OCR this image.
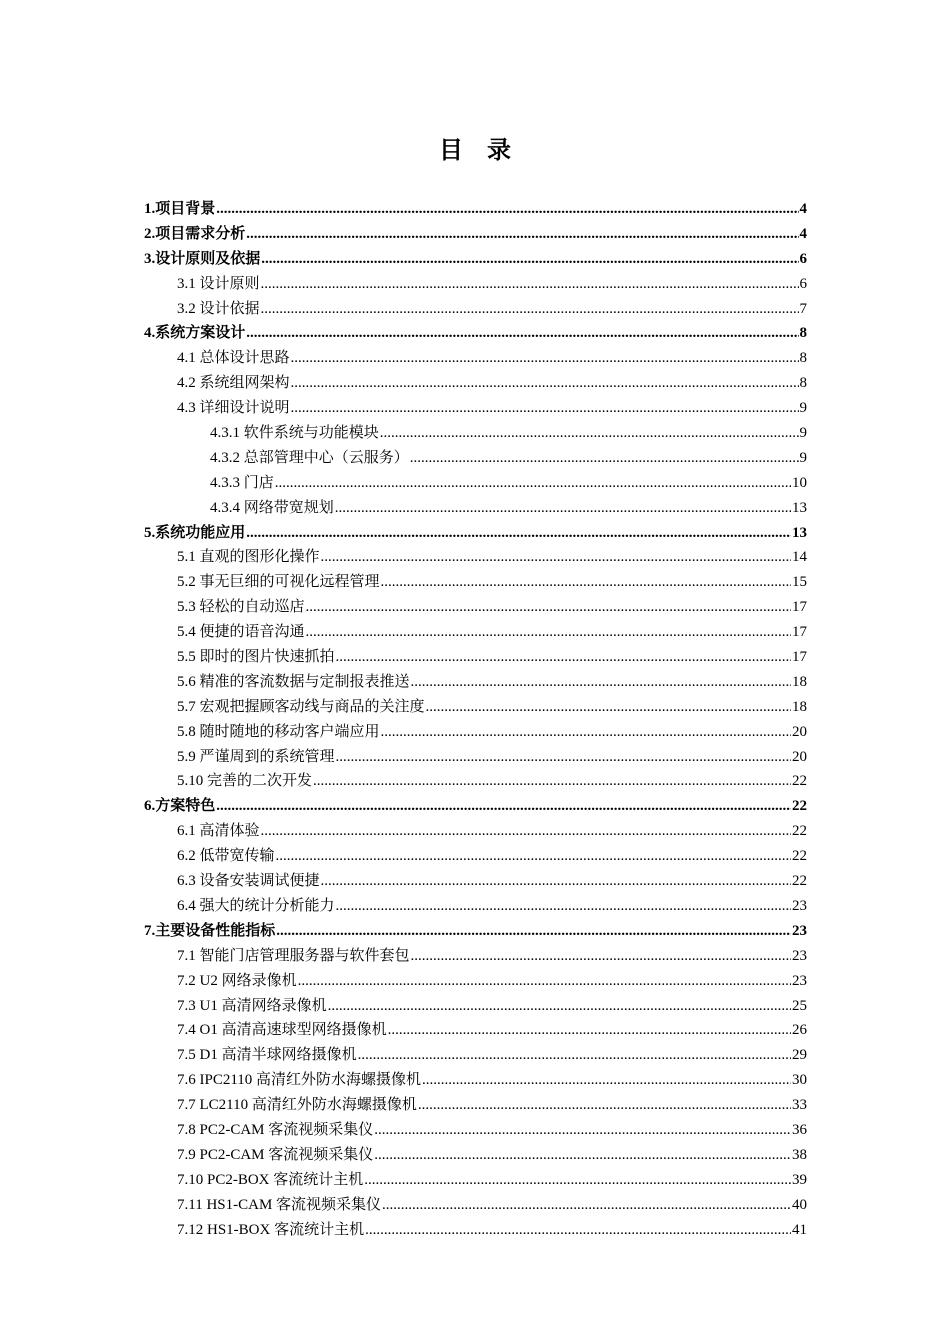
目 录
1.项目背景 .....	4
2.项目需求分析 .....	4
3.设计原则及依据 .....	6
3.1 设计原则 .....	6
3.2 设计依据 .....	7
4.系统方案设计 .....	8
4.1 总体设计思路 .....	8
4.2 系统组网架构 .....	8
4.3 详细设计说明 .....	9
4.3.1 软件系统与功能模块 .....	9
4.3.2 总部管理中心（云服务） .....	9
4.3.3 门店 .....	10
4.3.4 网络带宽规划 .....	13
5.系统功能应用 .....	13
5.1 直观的图形化操作 .....	14
5.2 事无巨细的可视化远程管理 .....	15
5.3 轻松的自动巡店 .....	17
5.4 便捷的语音沟通 .....	17
5.5 即时的图片快速抓拍 .....	17
5.6 精准的客流数据与定制报表推送 .....	18
5.7 宏观把握顾客动线与商品的关注度 .....	18
5.8 随时随地的移动客户端应用 .....	20
5.9 严谨周到的系统管理 .....	20
5.10 完善的二次开发 .....	22
6.方案特色 .....	22
6.1 高清体验 .....	22
6.2 低带宽传输 .....	22
6.3 设备安装调试便捷 .....	22
6.4 强大的统计分析能力 .....	23
7.主要设备性能指标 .....	23
7.1 智能门店管理服务器与软件套包 .....	23
7.2 U2 网络录像机 .....	23
7.3 U1 高清网络录像机 .....	25
7.4 O1 高清高速球型网络摄像机 .....	26
7.5 D1 高清半球网络摄像机 .....	29
7.6 IPC2110 高清红外防水海螺摄像机 .....	30
7.7 LC2110 高清红外防水海螺摄像机 .....	33
7.8 PC2-CAM 客流视频采集仪 .....	36
7.9 PC2-CAM 客流视频采集仪 .....	38
7.10 PC2-BOX 客流统计主机 .....	39
7.11 HS1-CAM 客流视频采集仪 .....	40
7.12 HS1-BOX 客流统计主机 .....	41
